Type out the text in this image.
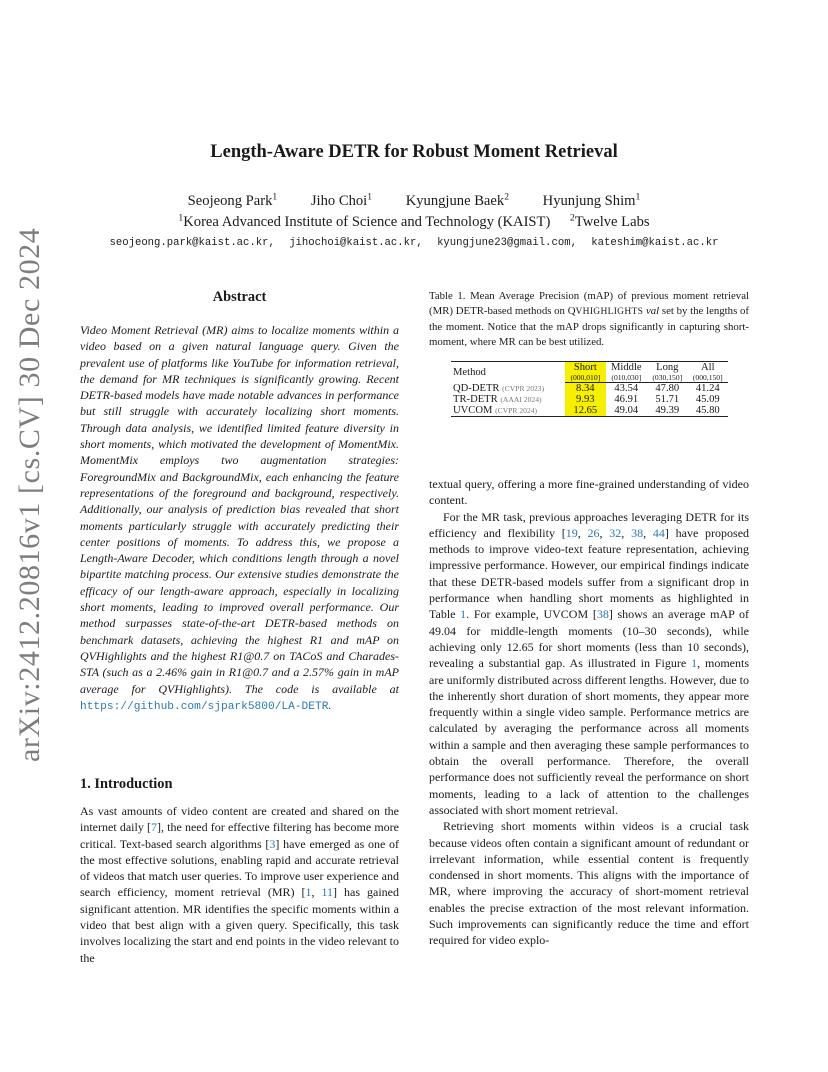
arXiv:2412.20816v1 [cs.CV] 30 Dec 2024
Length-Aware DETR for Robust Moment Retrieval
Seojeong Park$^1$ Jiho Choi$^1$ Kyungjune Baek$^2$ Hyunjung Shim$^1$
$^1$Korea Advanced Institute of Science and Technology (KAIST) $^2$Twelve Labs
seojeong.park@kaist.ac.kr, jihochoi@kaist.ac.kr, kyungjune23@gmail.com, kateshim@kaist.ac.kr
Abstract
Video Moment Retrieval (MR) aims to localize moments within a video based on a given natural language query. Given the prevalent use of platforms like YouTube for information retrieval, the demand for MR techniques is significantly growing. Recent DETR-based models have made notable advances in performance but still struggle with accurately localizing short moments. Through data analysis, we identified limited feature diversity in short moments, which motivated the development of MomentMix. MomentMix employs two augmentation strategies: ForegroundMix and BackgroundMix, each enhancing the feature representations of the foreground and background, respectively. Additionally, our analysis of prediction bias revealed that short moments particularly struggle with accurately predicting their center positions of moments. To address this, we propose a Length-Aware Decoder, which conditions length through a novel bipartite matching process. Our extensive studies demonstrate the efficacy of our length-aware approach, especially in localizing short moments, leading to improved overall performance. Our method surpasses state-of-the-art DETR-based methods on benchmark datasets, achieving the highest R1 and mAP on QVHighlights and the highest R1@0.7 on TACoS and Charades-STA (such as a 2.46% gain in R1@0.7 and a 2.57% gain in mAP average for QVHighlights). The code is available at https://github.com/sjpark5800/LA-DETR.
1. Introduction
As vast amounts of video content are created and shared on the internet daily [7], the need for effective filtering has become more critical. Text-based search algorithms [3] have emerged as one of the most effective solutions, enabling rapid and accurate retrieval of videos that match user queries. To improve user experience and search efficiency, moment retrieval (MR) [1, 11] has gained significant attention. MR identifies the specific moments within a video that best align with a given query. Specifically, this task involves localizing the start and end points in the video relevant to the
Table 1. Mean Average Precision (mAP) of previous moment retrieval (MR) DETR-based methods on QVHIGHLIGHTS val set by the lengths of the moment. Notice that the mAP drops significantly in capturing short-moment, where MR can be best utilized.
Method	Short	Middle	Long	All
	(000,010]	(010,030]	(030,150]	(000,150]
QD-DETR (CVPR 2023)	8.34	43.54	47.80	41.24
TR-DETR (AAAI 2024)	9.93	46.91	51.71	45.09
UVCOM (CVPR 2024)	12.65	49.04	49.39	45.80

textual query, offering a more fine-grained understanding of video content.

For the MR task, previous approaches leveraging DETR for its efficiency and flexibility [19, 26, 32, 38, 44] have proposed methods to improve video-text feature representation, achieving impressive performance. However, our empirical findings indicate that these DETR-based models suffer from a significant drop in performance when handling short moments as highlighted in Table 1. For example, UVCOM [38] shows an average mAP of 49.04 for middle-length moments (10–30 seconds), while achieving only 12.65 for short moments (less than 10 seconds), revealing a substantial gap. As illustrated in Figure 1, moments are uniformly distributed across different lengths. However, due to the inherently short duration of short moments, they appear more frequently within a single video sample. Performance metrics are calculated by averaging the performance across all moments within a sample and then averaging these sample performances to obtain the overall performance. Therefore, the overall performance does not sufficiently reveal the performance on short moments, leading to a lack of attention to the challenges associated with short moment retrieval.

Retrieving short moments within videos is a crucial task because videos often contain a significant amount of redundant or irrelevant information, while essential content is frequently condensed in short moments. This aligns with the importance of MR, where improving the accuracy of short-moment retrieval enables the precise extraction of the most relevant information. Such improvements can significantly reduce the time and effort required for video explo-
